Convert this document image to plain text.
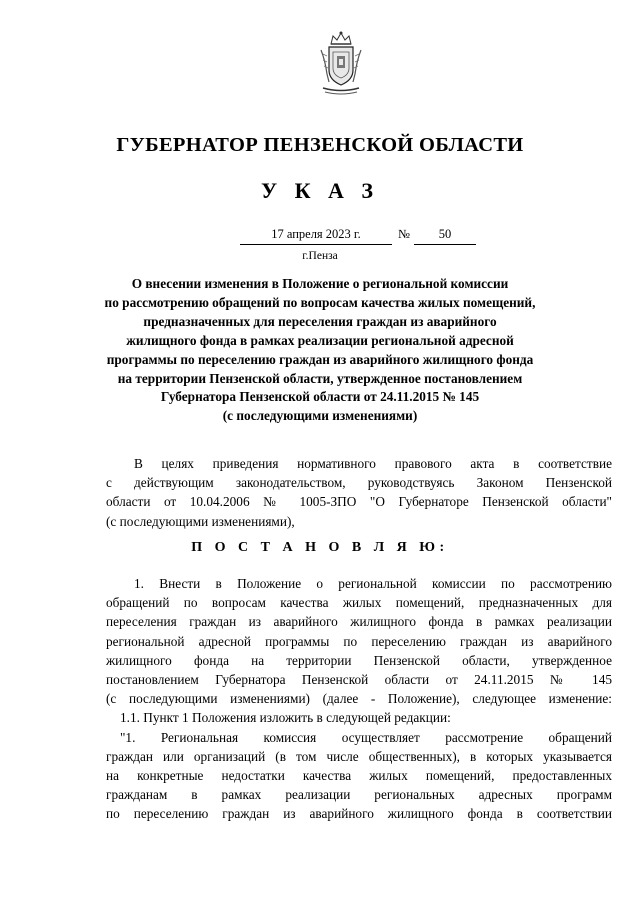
ГУБЕРНАТОР ПЕНЗЕНСКОЙ ОБЛАСТИ
У К А З
17 апреля 2023 г.	№	50
г.Пенза
О внесении изменения в Положение о региональной комиссии
по рассмотрению обращений по вопросам качества жилых помещений,
предназначенных для переселения граждан из аварийного
жилищного фонда в рамках реализации региональной адресной
программы по переселению граждан из аварийного жилищного фонда
на территории Пензенской области, утвержденное постановлением
Губернатора Пензенской области от 24.11.2015 № 145
(с последующими изменениями)
В целях приведения нормативного правового акта в соответствие
с действующим законодательством, руководствуясь Законом Пензенской
области от 10.04.2006 № 1005-ЗПО "О Губернаторе Пензенской области"
(с последующими изменениями),
П О С Т А Н О В Л Я Ю:
1. Внести в Положение о региональной комиссии по рассмотрению
обращений по вопросам качества жилых помещений, предназначенных для
переселения граждан из аварийного жилищного фонда в рамках реализации
региональной адресной программы по переселению граждан из аварийного
жилищного фонда на территории Пензенской области, утвержденное
постановлением Губернатора Пензенской области от 24.11.2015 № 145
(с последующими изменениями) (далее - Положение), следующее изменение:
1.1. Пункт 1 Положения изложить в следующей редакции:
"1. Региональная комиссия осуществляет рассмотрение обращений
граждан или организаций (в том числе общественных), в которых указывается
на конкретные недостатки качества жилых помещений, предоставленных
гражданам в рамках реализации региональных адресных программ
по переселению граждан из аварийного жилищного фонда в соответствии
